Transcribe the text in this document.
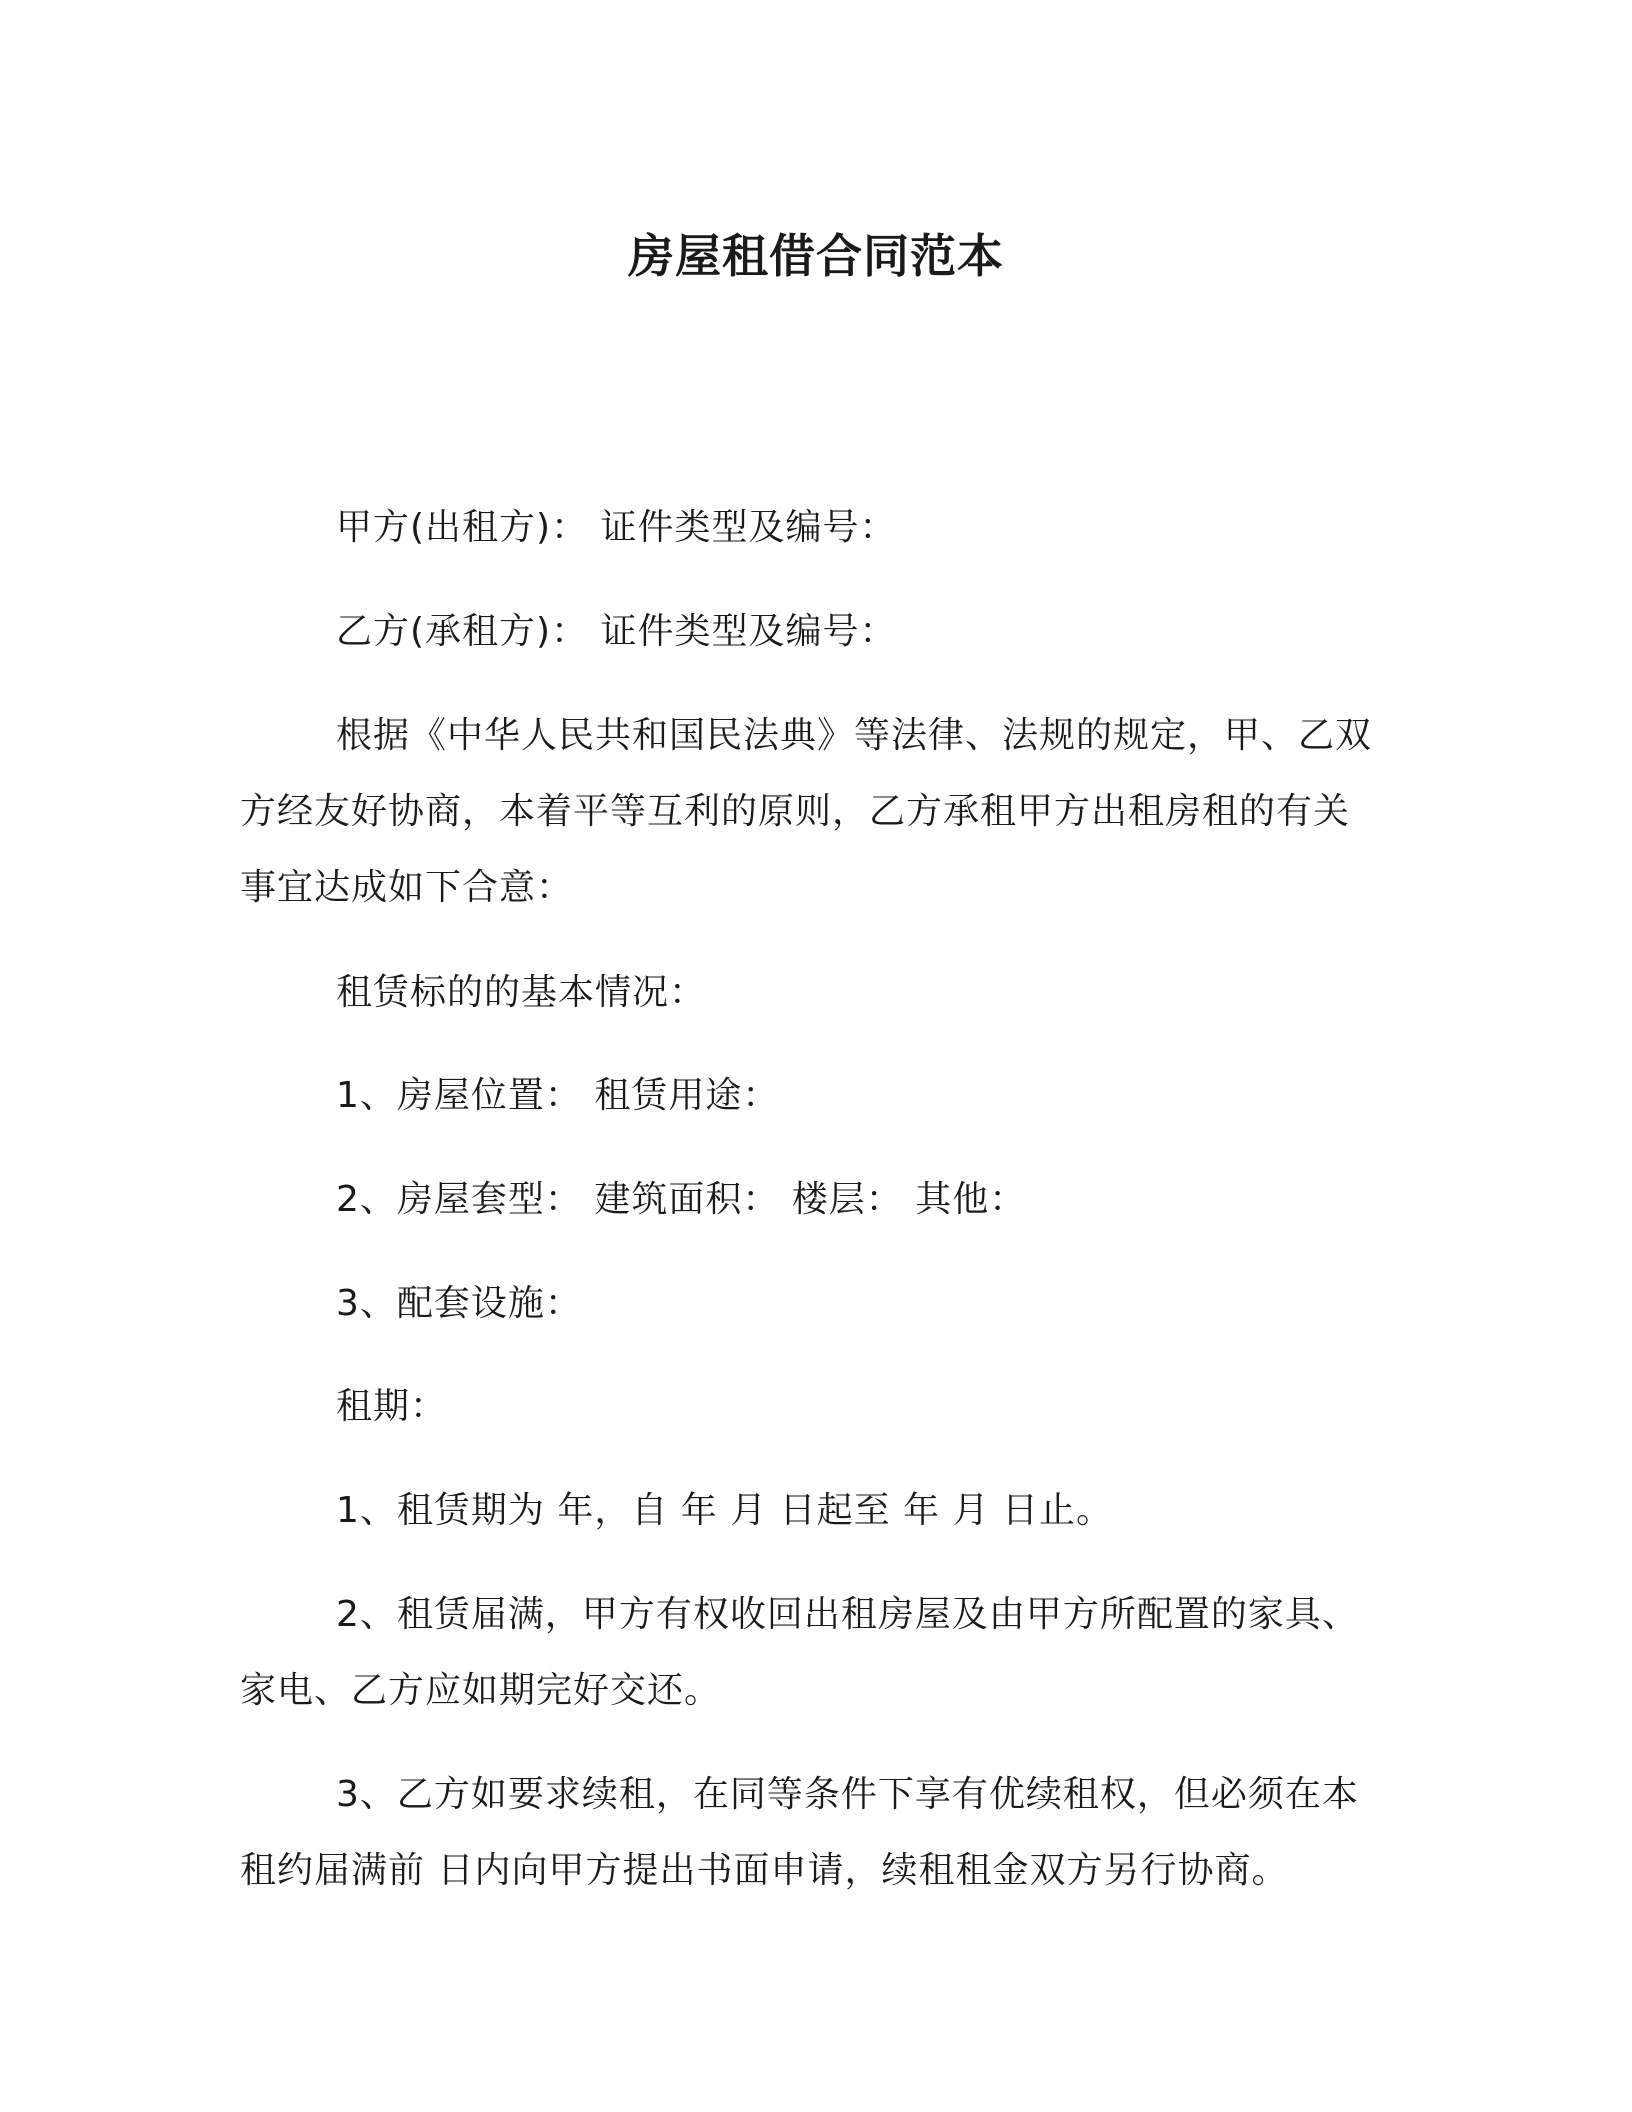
房屋租借合同范本
甲方(出租方)： 证件类型及编号：
乙方(承租方)： 证件类型及编号：
根据《中华人民共和国民法典》等法律、法规的规定，甲、乙双
方经友好协商，本着平等互利的原则，乙方承租甲方出租房租的有关
事宜达成如下合意：
租赁标的的基本情况：
1、房屋位置： 租赁用途：
2、房屋套型： 建筑面积： 楼层： 其他：
3、配套设施：
租期：
1、租赁期为 年，自 年 月 日起至 年 月 日止。
2、租赁届满，甲方有权收回出租房屋及由甲方所配置的家具、
家电、乙方应如期完好交还。
3、乙方如要求续租，在同等条件下享有优续租权，但必须在本
租约届满前 日内向甲方提出书面申请，续租租金双方另行协商。
